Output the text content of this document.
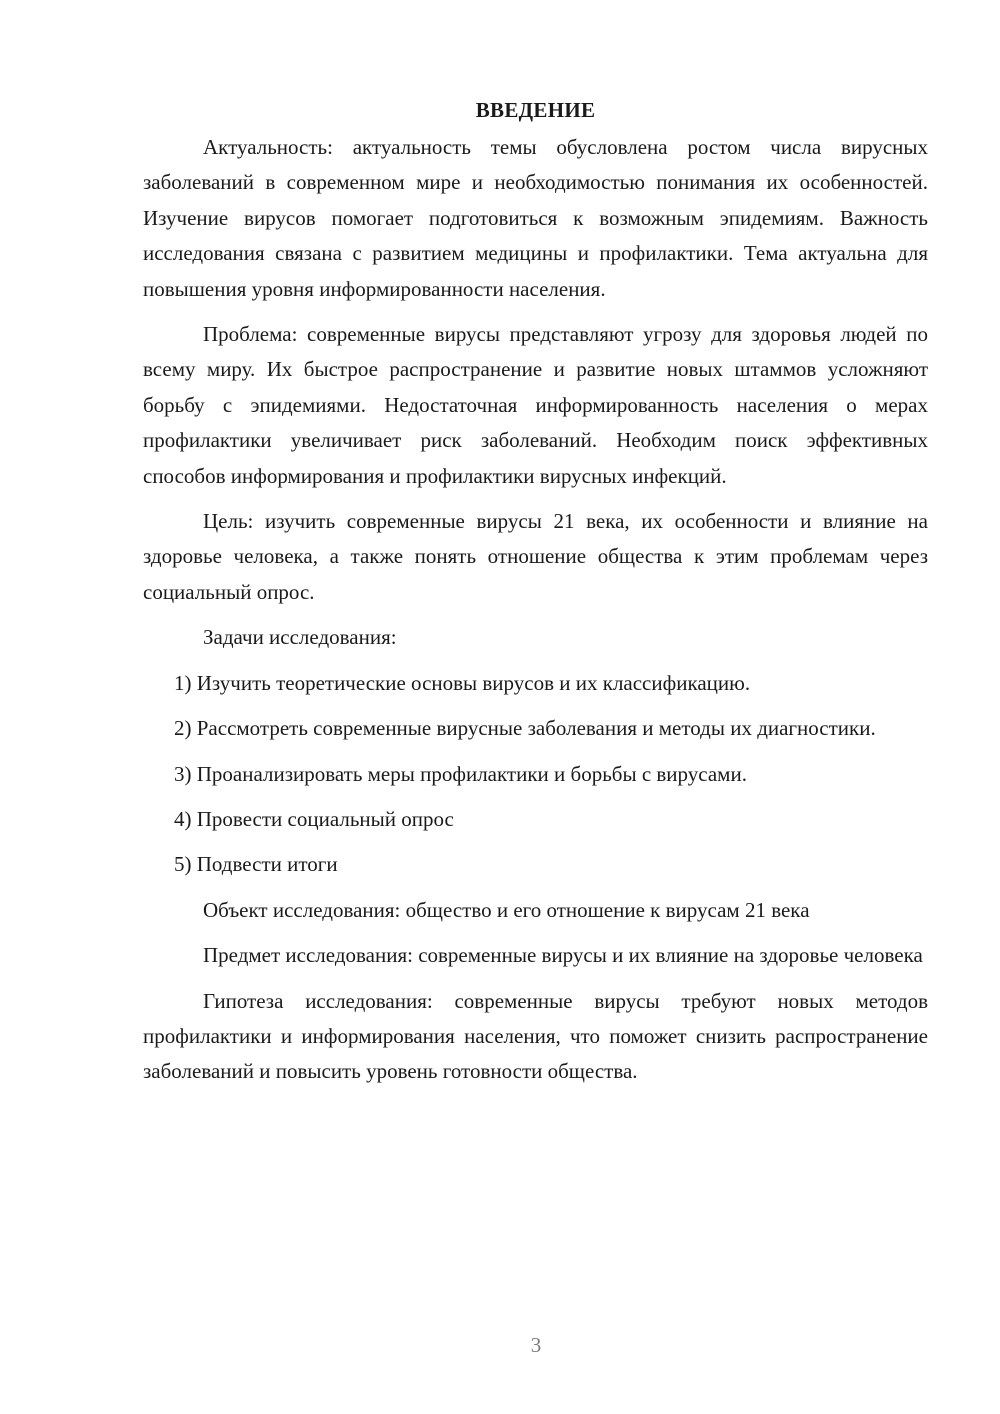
ВВЕДЕНИЕ

Актуальность: актуальность темы обусловлена ростом числа вирусных заболеваний в современном мире и необходимостью понимания их особенностей. Изучение вирусов помогает подготовиться к возможным эпидемиям. Важность исследования связана с развитием медицины и профилактики. Тема актуальна для повышения уровня информированности населения.

Проблема: современные вирусы представляют угрозу для здоровья людей по всему миру. Их быстрое распространение и развитие новых штаммов усложняют борьбу с эпидемиями. Недостаточная информированность населения о мерах профилактики увеличивает риск заболеваний. Необходим поиск эффективных способов информирования и профилактики вирусных инфекций.

Цель: изучить современные вирусы 21 века, их особенности и влияние на здоровье человека, а также понять отношение общества к этим проблемам через социальный опрос.

Задачи исследования:

1) Изучить теоретические основы вирусов и их классификацию.

2) Рассмотреть современные вирусные заболевания и методы их диагностики.

3) Проанализировать меры профилактики и борьбы с вирусами.

4) Провести социальный опрос

5) Подвести итоги

Объект исследования: общество и его отношение к вирусам 21 века

Предмет исследования: современные вирусы и их влияние на здоровье человека

Гипотеза исследования: современные вирусы требуют новых методов профилактики и информирования населения, что поможет снизить распространение заболеваний и повысить уровень готовности общества.

3
